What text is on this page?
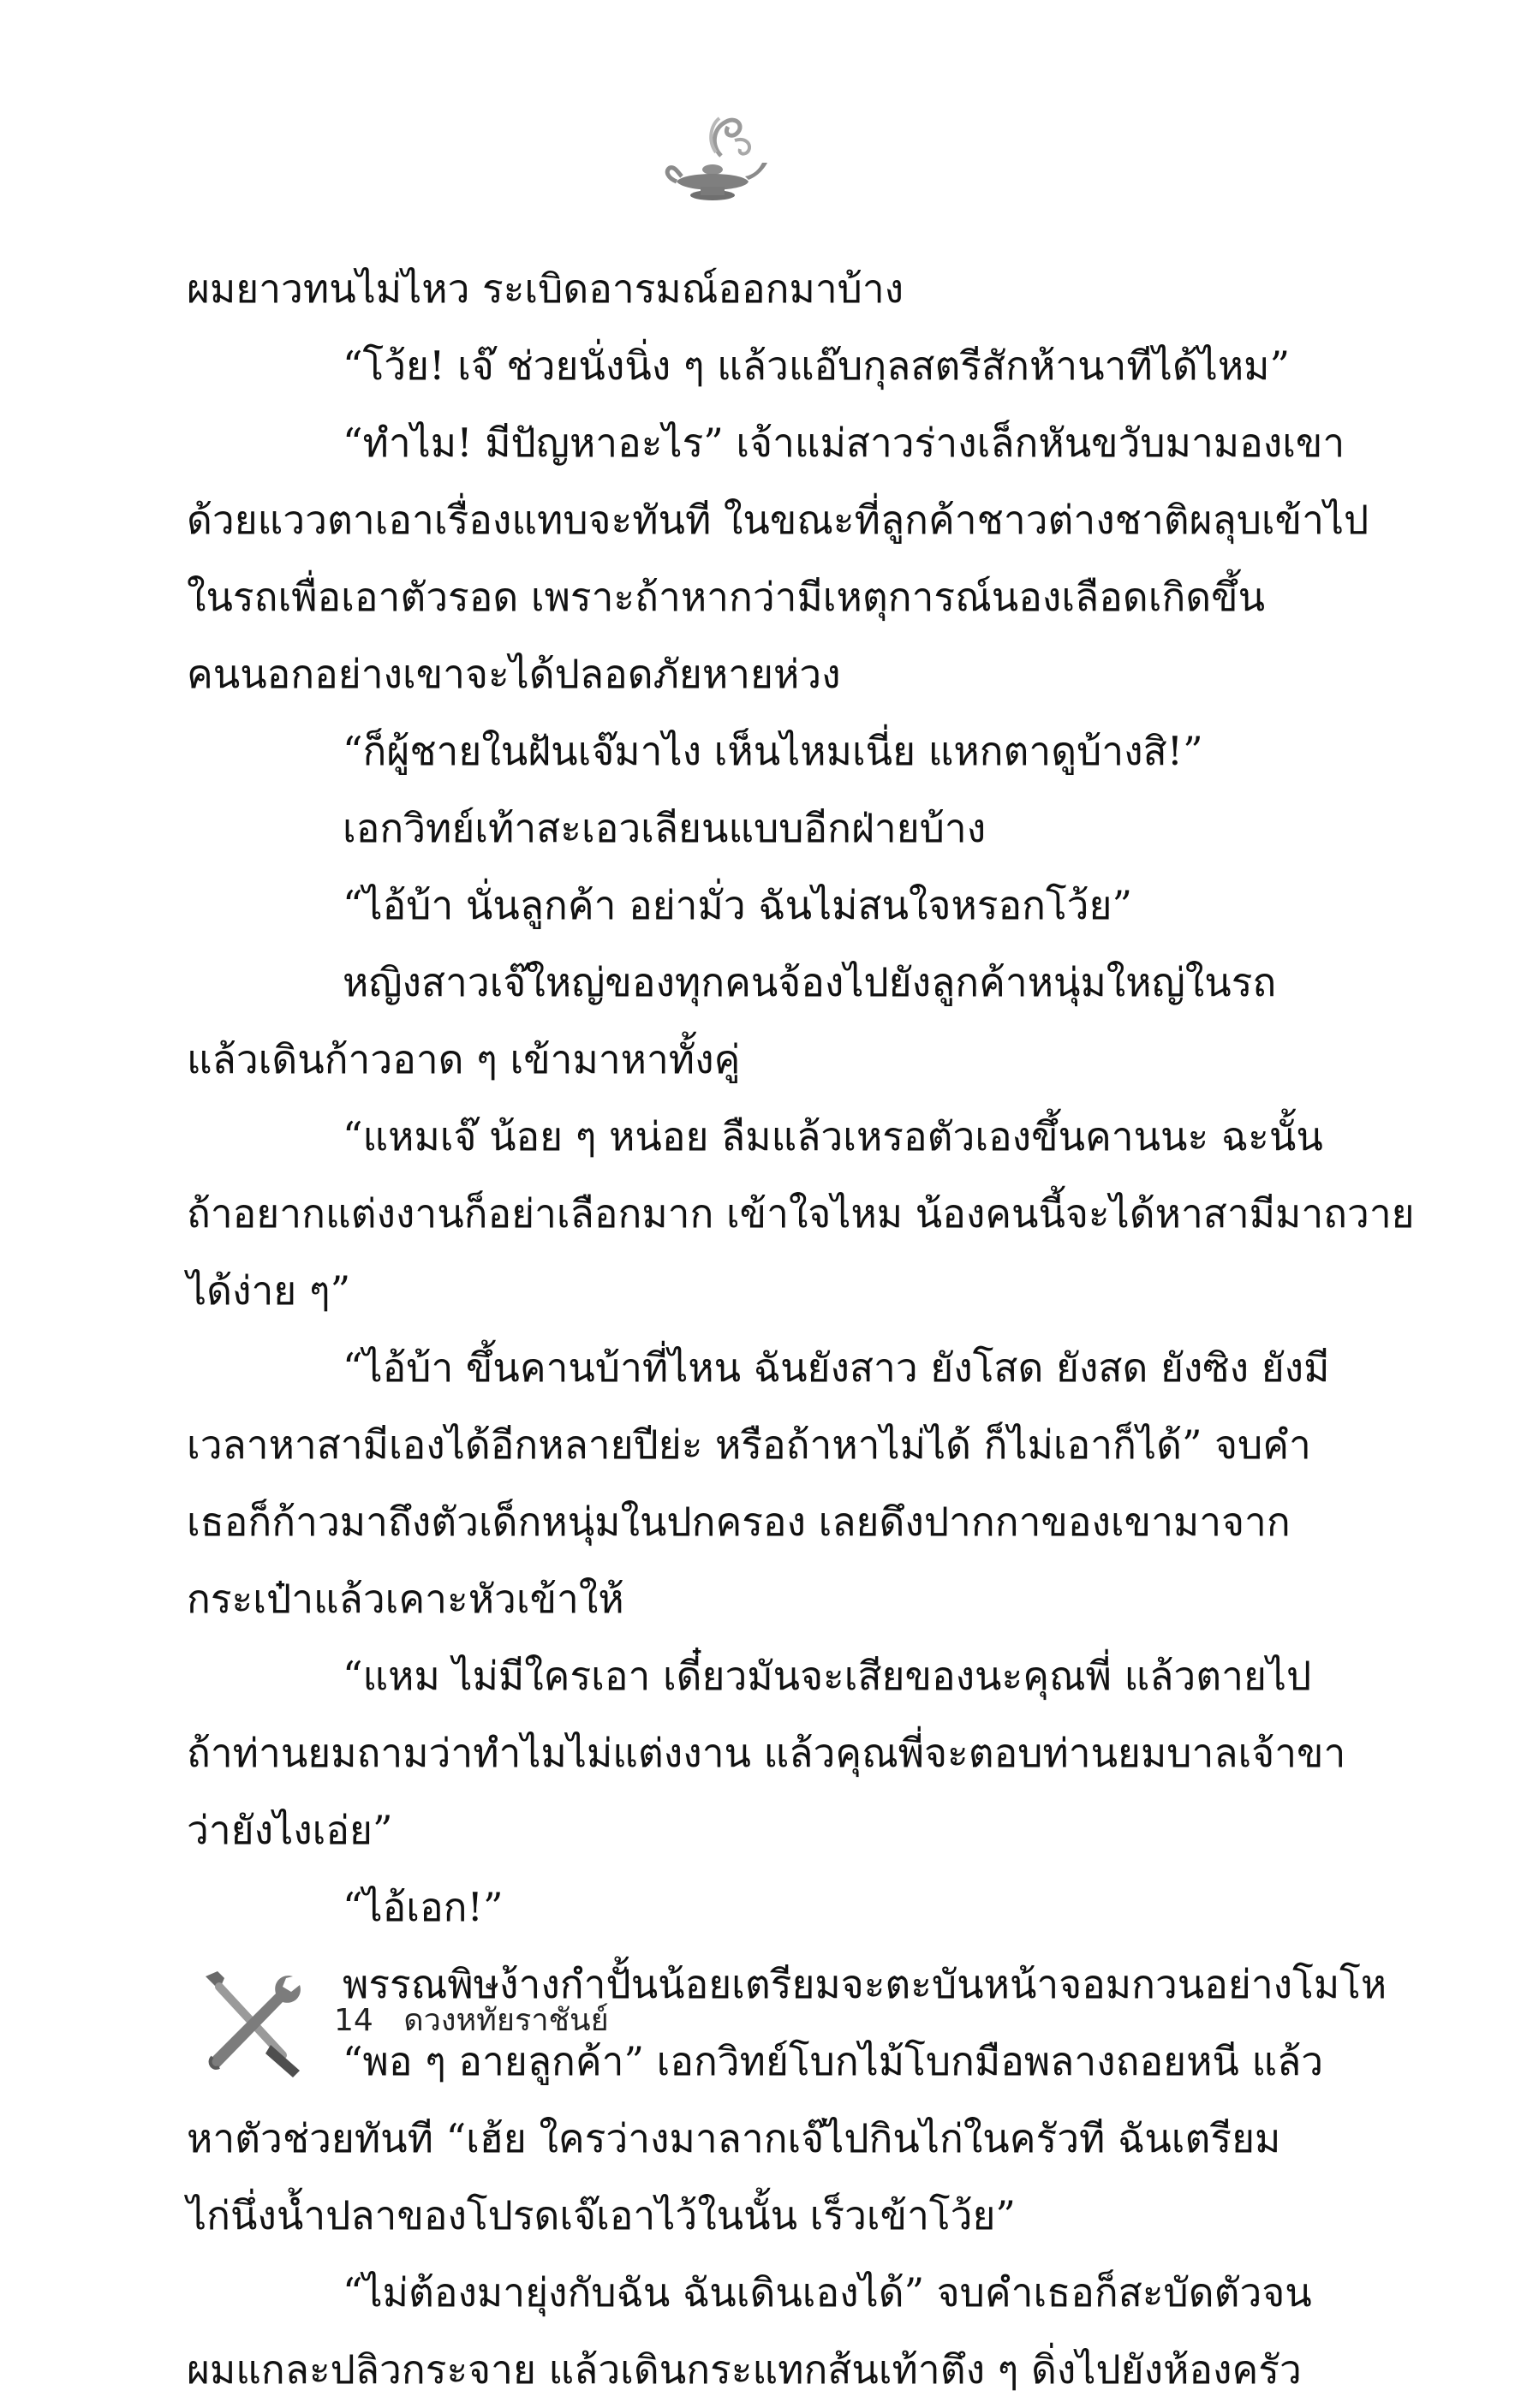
ผมยาวทนไม่ไหว ระเบิดอารมณ์ออกมาบ้าง
“โว้ย! เจ๊ ช่วยนั่งนิ่ง ๆ แล้วแอ๊บกุลสตรีสักห้านาทีได้ไหม”
“ทำไม! มีปัญหาอะไร” เจ้าแม่สาวร่างเล็กหันขวับมามองเขา
ด้วยแววตาเอาเรื่องแทบจะทันที ในขณะที่ลูกค้าชาวต่างชาติผลุบเข้าไป
ในรถเพื่อเอาตัวรอด เพราะถ้าหากว่ามีเหตุการณ์นองเลือดเกิดขึ้น
คนนอกอย่างเขาจะได้ปลอดภัยหายห่วง
“ก็ผู้ชายในฝันเจ๊มาไง เห็นไหมเนี่ย แหกตาดูบ้างสิ!”
เอกวิทย์เท้าสะเอวเลียนแบบอีกฝ่ายบ้าง
“ไอ้บ้า นั่นลูกค้า อย่ามั่ว ฉันไม่สนใจหรอกโว้ย”
หญิงสาวเจ๊ใหญ่ของทุกคนจ้องไปยังลูกค้าหนุ่มใหญ่ในรถ
แล้วเดินก้าวอาด ๆ เข้ามาหาทั้งคู่
“แหมเจ๊ น้อย ๆ หน่อย ลืมแล้วเหรอตัวเองขึ้นคานนะ ฉะนั้น
ถ้าอยากแต่งงานก็อย่าเลือกมาก เข้าใจไหม น้องคนนี้จะได้หาสามีมาถวาย
ได้ง่าย ๆ”
“ไอ้บ้า ขึ้นคานบ้าที่ไหน ฉันยังสาว ยังโสด ยังสด ยังซิง ยังมี
เวลาหาสามีเองได้อีกหลายปีย่ะ หรือถ้าหาไม่ได้ ก็ไม่เอาก็ได้” จบคำ
เธอก็ก้าวมาถึงตัวเด็กหนุ่มในปกครอง เลยดึงปากกาของเขามาจาก
กระเป๋าแล้วเคาะหัวเข้าให้
“แหม ไม่มีใครเอา เดี๋ยวมันจะเสียของนะคุณพี่ แล้วตายไป
ถ้าท่านยมถามว่าทำไมไม่แต่งงาน แล้วคุณพี่จะตอบท่านยมบาลเจ้าขา
ว่ายังไงเอ่ย”
“ไอ้เอก!”
พรรณพิษง้างกำปั้นน้อยเตรียมจะตะบันหน้าจอมกวนอย่างโมโห
“พอ ๆ อายลูกค้า” เอกวิทย์โบกไม้โบกมือพลางถอยหนี แล้ว
หาตัวช่วยทันที “เฮ้ย ใครว่างมาลากเจ๊ไปกินไก่ในครัวที ฉันเตรียม
ไก่นึ่งน้ำปลาของโปรดเจ๊เอาไว้ในนั้น เร็วเข้าโว้ย”
“ไม่ต้องมายุ่งกับฉัน ฉันเดินเองได้” จบคำเธอก็สะบัดตัวจน
ผมแกละปลิวกระจาย แล้วเดินกระแทกส้นเท้าตึง ๆ ดิ่งไปยังห้องครัว
14 ดวงหทัยราชันย์
